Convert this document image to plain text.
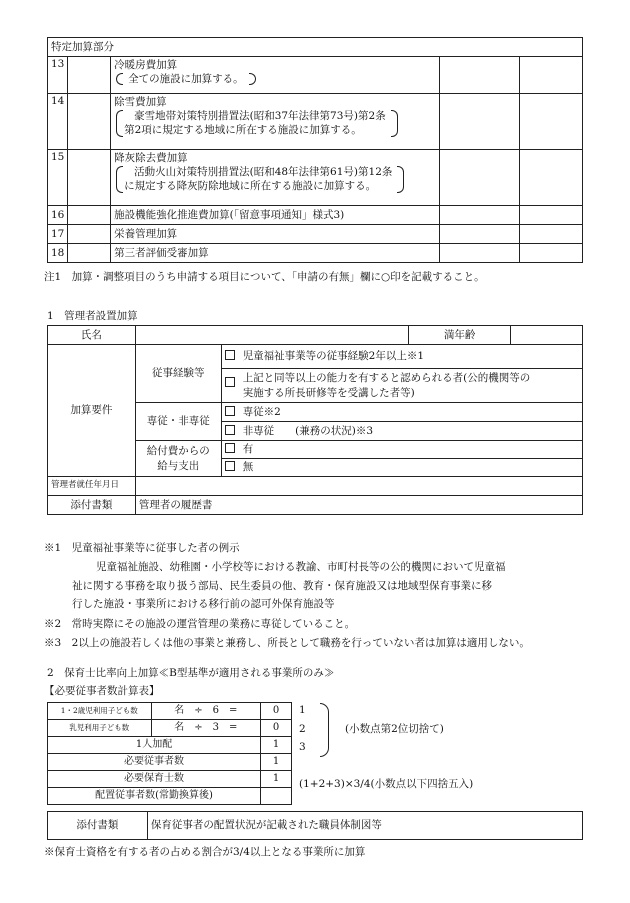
特定加算部分				
13		冷暖房費加算
全ての施設に加算する。		
14		除雪費加算
豪雪地帯対策特別措置法(昭和37年法律第73号)第2条
第2項に規定する地域に所在する施設に加算する。		

15		降灰除去費加算
活動火山対策特別措置法(昭和48年法律第61号)第12条
に規定する降灰防除地域に所在する施設に加算する。		

16		施設機能強化推進費加算(「留意事項通知」様式3)		
17		栄養管理加算		
18		第三者評価受審加算		
注1　加算・調整項目のうち申請する項目について、「申請の有無」欄に○印を記載すること。
1　管理者設置加算
氏名			満年齢	
加算要件	従事経験等	児童福祉事業等の従事経験2年以上※1		

		上記と同等以上の能力を有すると認められる者(公的機関等の
実施する所長研修等を受講した者等)		

	専従・非専従	専従※2		
		非専従　　(兼務の状況)※3		

	給付費からの
給与支出	有		
		無		
管理者就任年月日				
添付書類	管理者の履歴書			
※1　児童福祉事業等に従事した者の例示
児童福祉施設、幼稚園・小学校等における教諭、市町村長等の公的機関において児童福
祉に関する事務を取り扱う部局、民生委員の他、教育・保育施設又は地域型保育事業に移
行した施設・事業所における移行前の認可外保育施設等
※2　常時実際にその施設の運営管理の業務に専従していること。
※3　2以上の施設若しくは他の事業と兼務し、所長として職務を行っていない者は加算は適用しない。
2　保育士比率向上加算≪B型基準が適用される事業所のみ≫
【必要従事者数計算表】
1・2歳児利用子ども数	名　÷　6　=	0
乳児利用子ども数	名　÷　3　=	0
1人加配		1
必要従事者数		1
必要保育士数		1
配置従事者数(常勤換算後)		
1
2
3
(小数点第2位切捨て)
(1+2+3)×3/4(小数点以下四捨五入)
添付書類	保育従事者の配置状況が記載された職員体制図等
※保育士資格を有する者の占める割合が3/4以上となる事業所に加算
